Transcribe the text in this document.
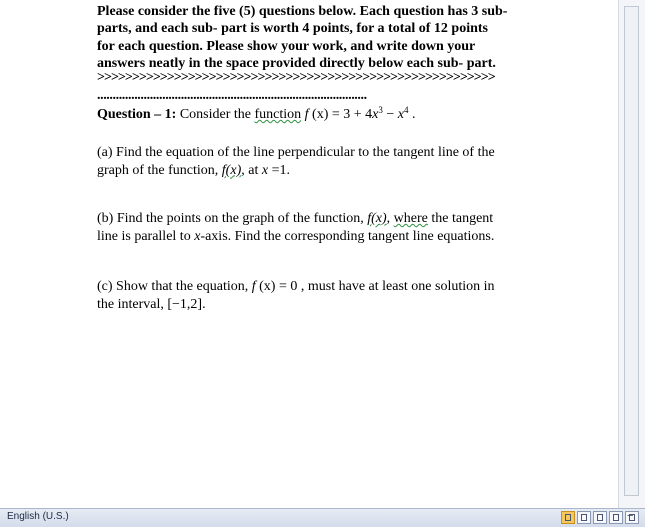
Please consider the five (5) questions below. Each question has 3 sub-
parts, and each sub- part is worth 4 points, for a total of 12 points
for each question. Please show your work, and write down your
answers neatly in the space provided directly below each sub- part.

>>>>>>>>>>>>>>>>>>>>>>>>>>>>>>>>>>>>>>>>>>>>>>>>>>>>>>>>>

.......................................................................................

Question – 1: Consider the function f $(x) = 3 + 4x^3 - x^4$ .

(a) Find the equation of the line perpendicular to the tangent line of the
graph of the function, f(x), at x =1.

(b) Find the points on the graph of the function, f(x), where the tangent
line is parallel to x-axis. Find the corresponding tangent line equations.

(c) Show that the equation, f (x) = 0 , must have at least one solution in
the interval, [−1,2].

English (U.S.)	−
